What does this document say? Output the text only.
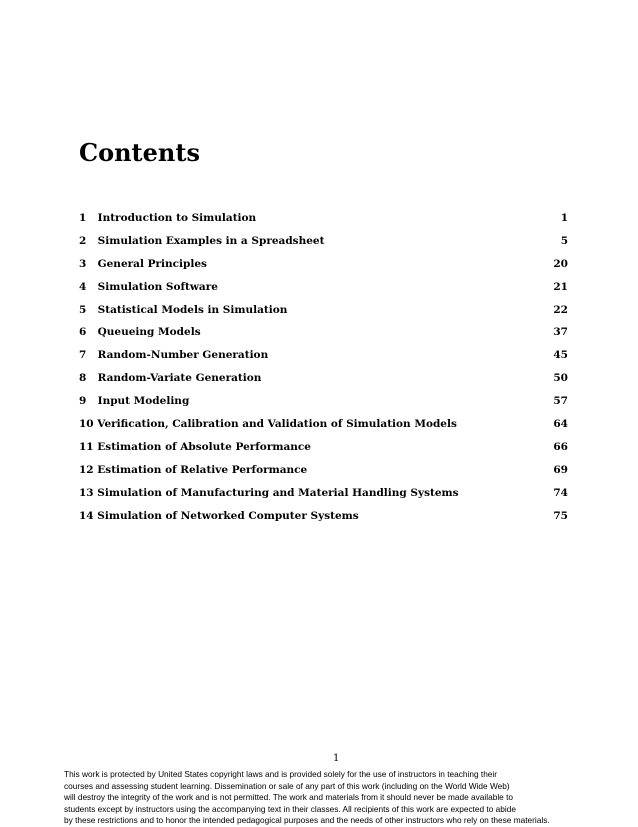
Contents
1 Introduction to Simulation	1
2 Simulation Examples in a Spreadsheet	5
3 General Principles	20
4 Simulation Software	21
5 Statistical Models in Simulation	22
6 Queueing Models	37
7 Random-Number Generation	45
8 Random-Variate Generation	50
9 Input Modeling	57
10 Verification, Calibration and Validation of Simulation Models	64
11 Estimation of Absolute Performance	66
12 Estimation of Relative Performance	69
13 Simulation of Manufacturing and Material Handling Systems	74
14 Simulation of Networked Computer Systems	75
1
This work is protected by United States copyright laws and is provided solely for the use of instructors in teaching their
courses and assessing student learning. Dissemination or sale of any part of this work (including on the World Wide Web)
will destroy the integrity of the work and is not permitted. The work and materials from it should never be made available to
students except by instructors using the accompanying text in their classes. All recipients of this work are expected to abide
by these restrictions and to honor the intended pedagogical purposes and the needs of other instructors who rely on these materials.
